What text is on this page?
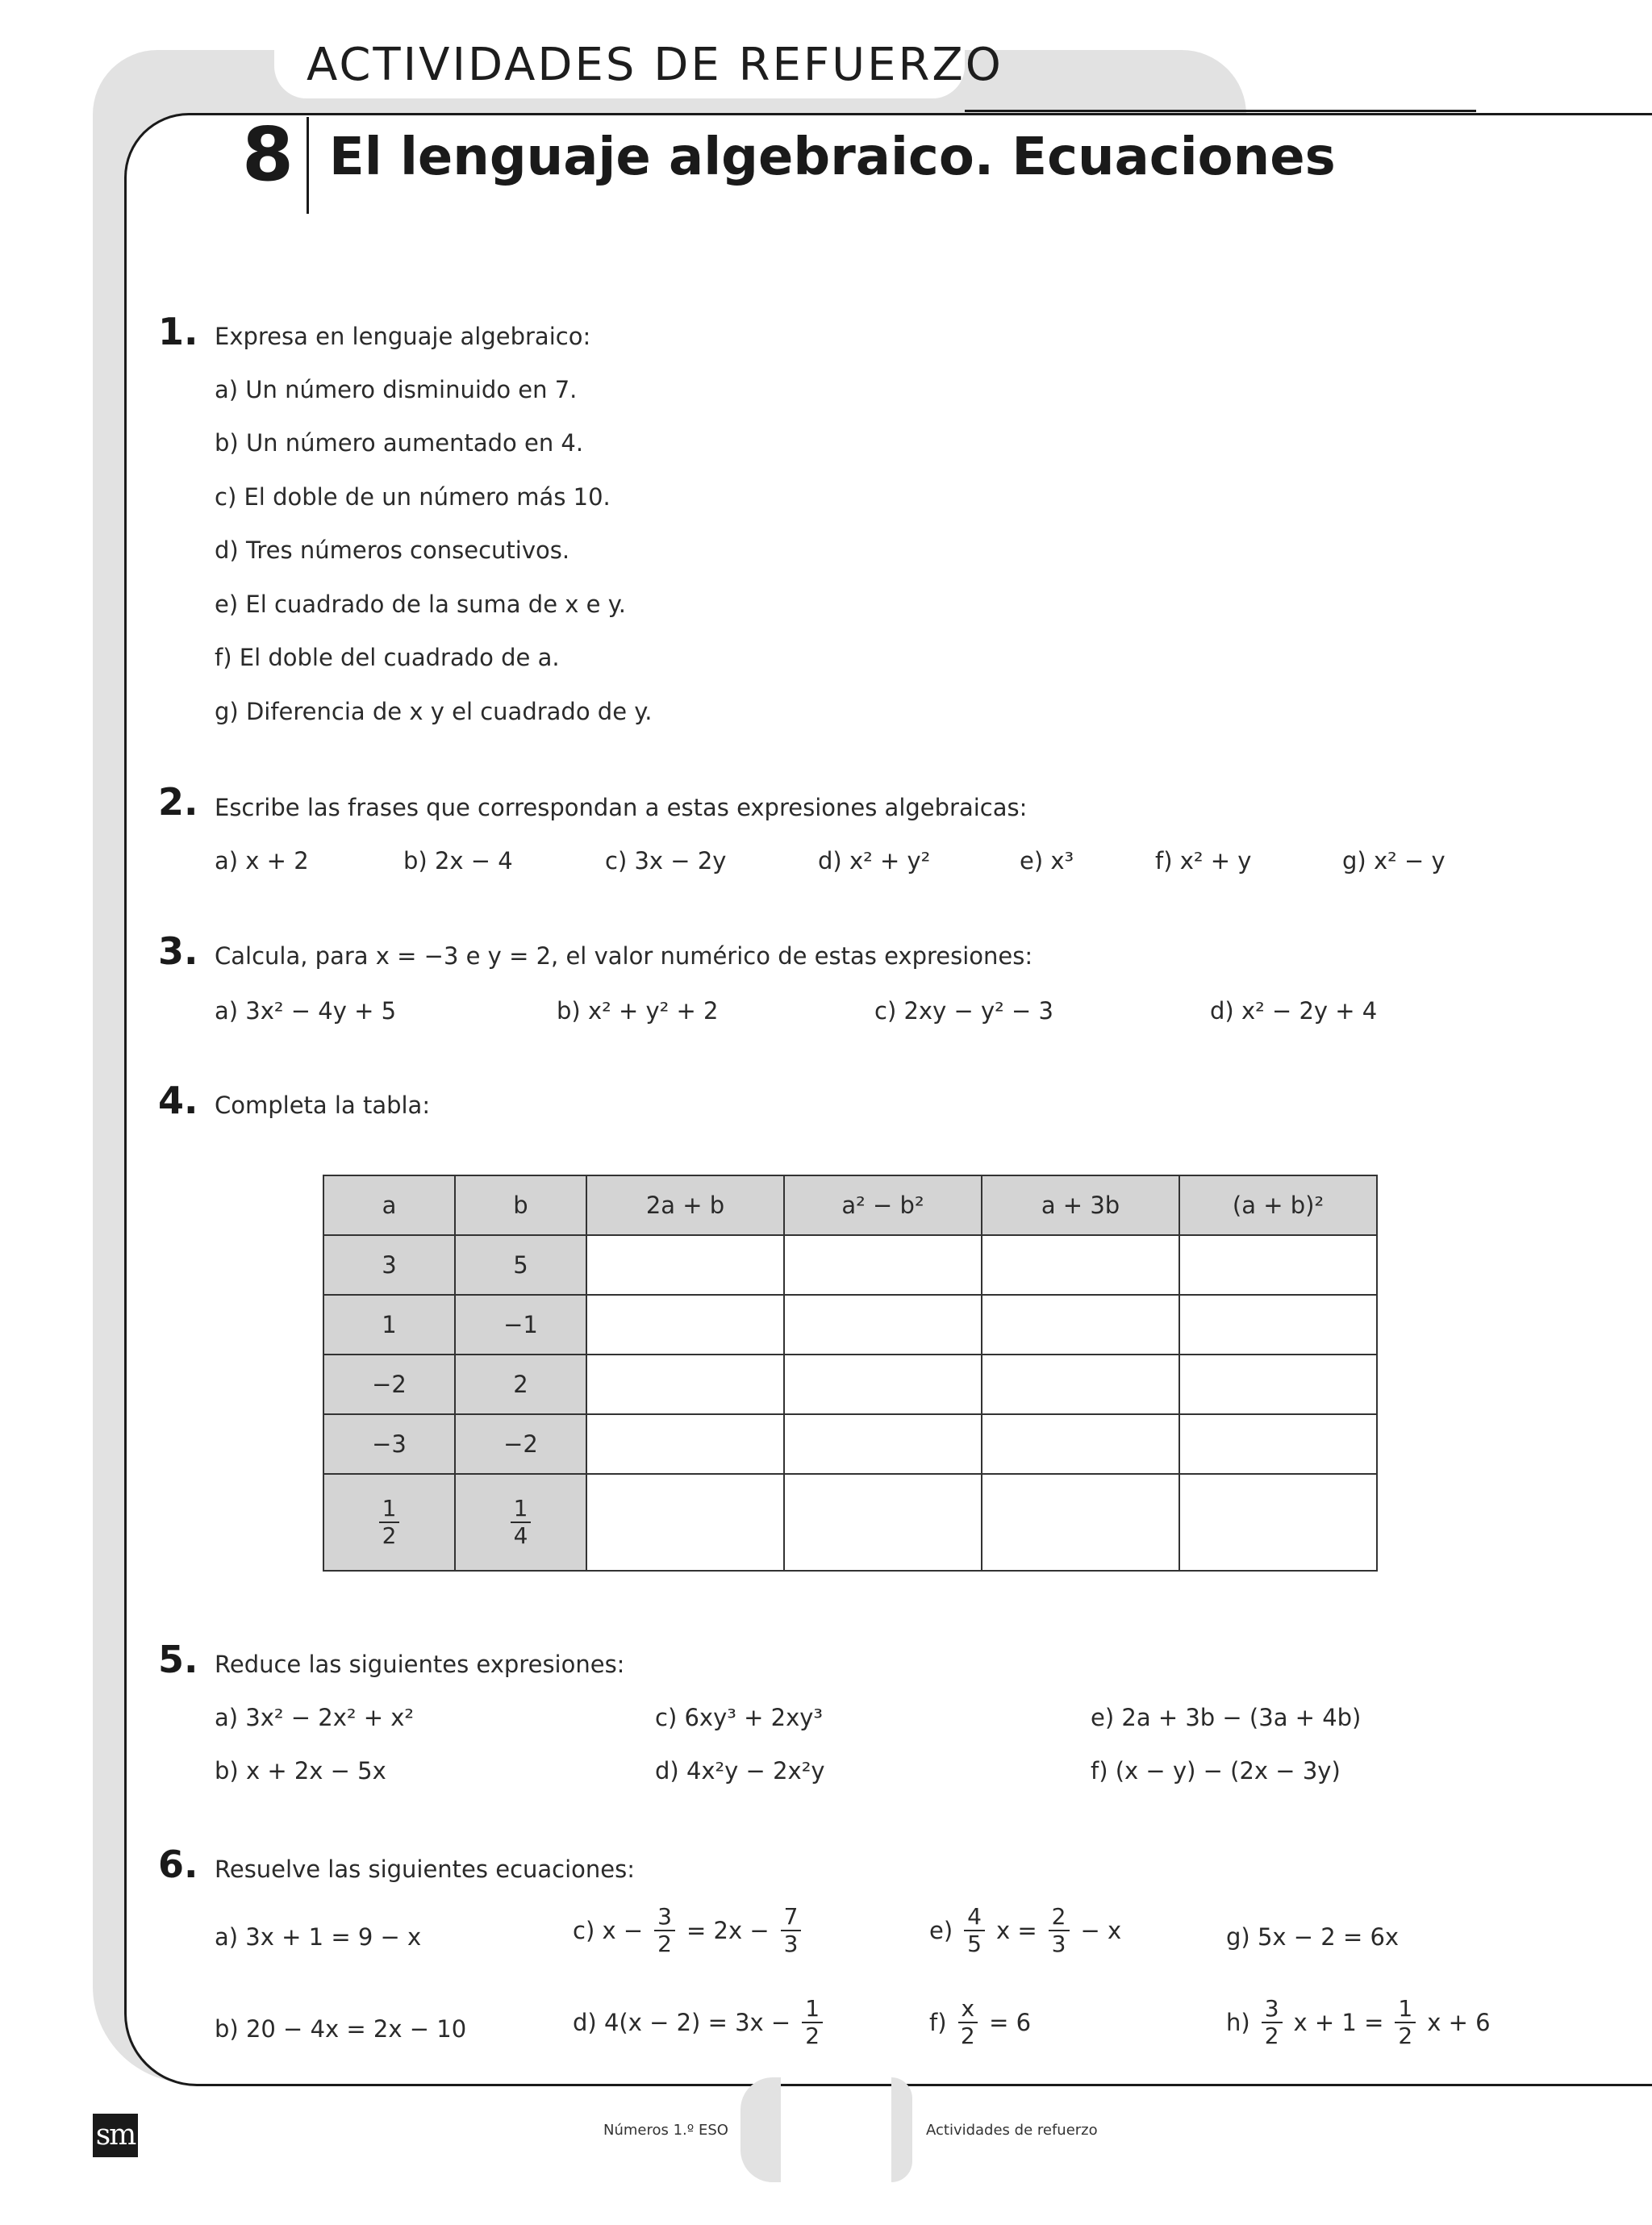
ACTIVIDADES DE REFUERZO
8 El lenguaje algebraico. Ecuaciones
1. Expresa en lenguaje algebraico:
a) Un número disminuido en 7.
b) Un número aumentado en 4.
c) El doble de un número más 10.
d) Tres números consecutivos.
e) El cuadrado de la suma de x e y.
f) El doble del cuadrado de a.
g) Diferencia de x y el cuadrado de y.
2. Escribe las frases que correspondan a estas expresiones algebraicas:
a) x + 2	b) 2x − 4	c) 3x − 2y	d) x² + y²	e) x³	f) x² + y	g) x² − y
3. Calcula, para x = −3 e y = 2, el valor numérico de estas expresiones:
a) 3x² − 4y + 5	b) x² + y² + 2	c) 2xy − y² − 3	d) x² − 2y + 4
4. Completa la tabla:
a	b	2a + b	a² − b²	a + 3b	(a + b)²
3	5				
1	−1				
−2	2				
−3	−2				

$\frac{1}{2}$	$\frac{1}{4}$

5. Reduce las siguientes expresiones:
a) 3x² − 2x² + x²	c) 6xy³ + 2xy³	e) 2a + 3b − (3a + 4b)
b) x + 2x − 5x	d) 4x²y − 2x²y	f) (x − y) − (2x − 3y)
6. Resuelve las siguientes ecuaciones:
a) 3x + 1 = 9 − x
b) 20 − 4x = 2x − 10
c) $x - \frac{3}{2} = 2x - \frac{7}{3}$
d) $4(x - 2) = 3x - \frac{1}{2}$
$e) \frac{4}{5}$ $x = \frac{2}{3} - x$
$f) \frac{x}{2} = 6$
g) 5x − 2 = 6x
$h) \frac{3}{2}$ $x + 1 = \frac{1}{2}$ x + 6
sm	Números 1.º ESO	Actividades de refuerzo
